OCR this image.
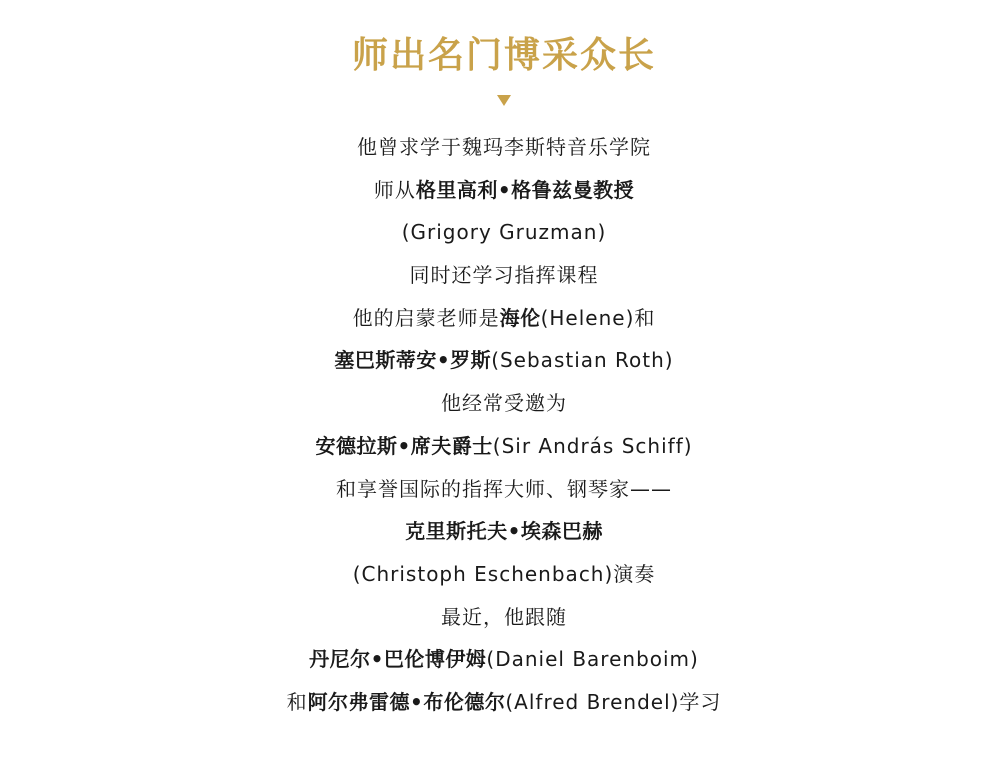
师出名门博采众长
他曾求学于魏玛李斯特音乐学院
师从格里高利•格鲁兹曼教授
(Grigory Gruzman)
同时还学习指挥课程
他的启蒙老师是海伦(Helene)和
塞巴斯蒂安•罗斯(Sebastian Roth)
他经常受邀为
安德拉斯•席夫爵士(Sir András Schiff)
和享誉国际的指挥大师、钢琴家——
克里斯托夫•埃森巴赫
(Christoph Eschenbach)演奏
最近，他跟随
丹尼尔•巴伦博伊姆(Daniel Barenboim)
和阿尔弗雷德•布伦德尔(Alfred Brendel)学习
